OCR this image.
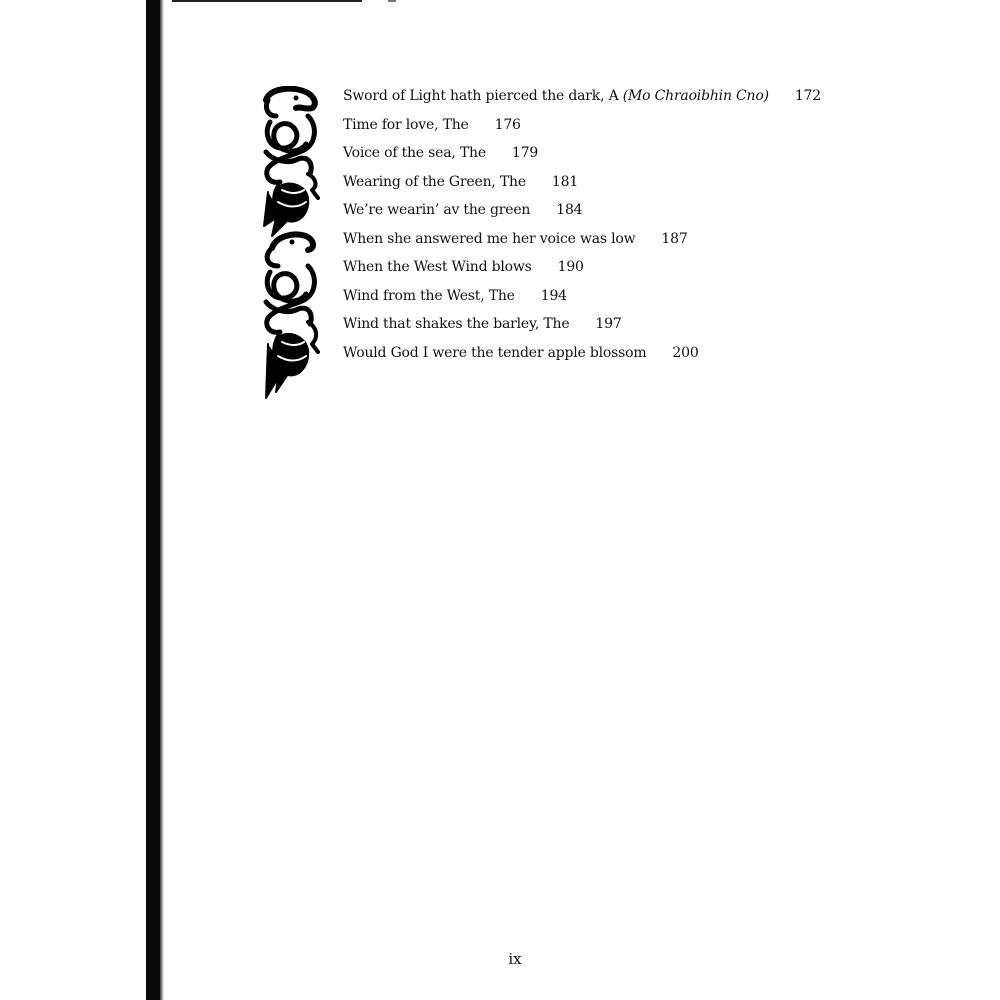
Sword of Light hath pierced the dark, A (Mo Chraoibhin Cno) 172
Time for love, The 176
Voice of the sea, The 179
Wearing of the Green, The 181
We’re wearin’ av the green 184
When she answered me her voice was low 187
When the West Wind blows 190
Wind from the West, The 194
Wind that shakes the barley, The 197
Would God I were the tender apple blossom 200
ix
